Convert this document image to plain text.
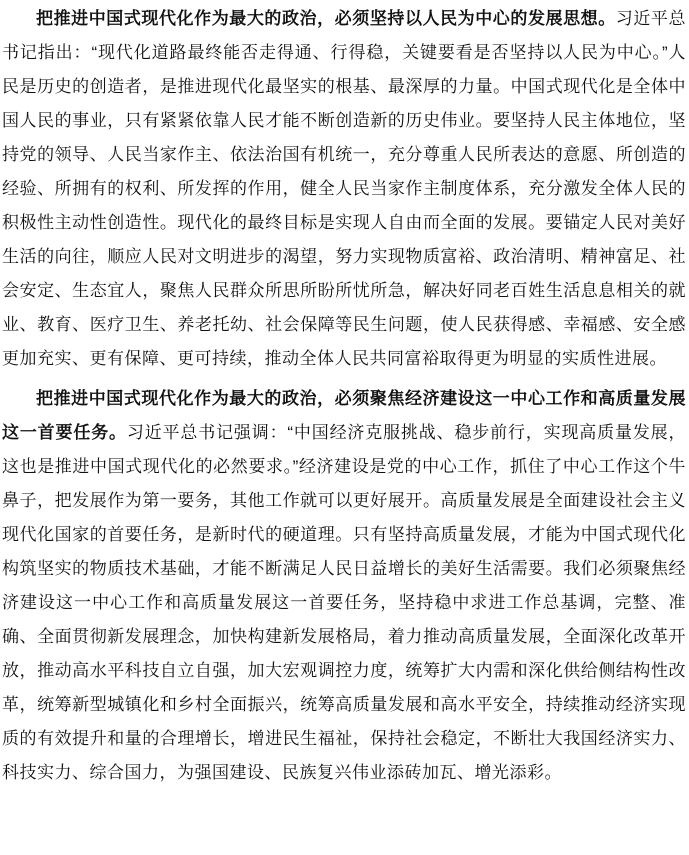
把推进中国式现代化作为最大的政治，必须坚持以人民为中心的发展思想。习近平总书记指出：“现代化道路最终能否走得通、行得稳，关键要看是否坚持以人民为中心。”人民是历史的创造者，是推进现代化最坚实的根基、最深厚的力量。中国式现代化是全体中国人民的事业，只有紧紧依靠人民才能不断创造新的历史伟业。要坚持人民主体地位，坚持党的领导、人民当家作主、依法治国有机统一，充分尊重人民所表达的意愿、所创造的经验、所拥有的权利、所发挥的作用，健全人民当家作主制度体系，充分激发全体人民的积极性主动性创造性。现代化的最终目标是实现人自由而全面的发展。要锚定人民对美好生活的向往，顺应人民对文明进步的渴望，努力实现物质富裕、政治清明、精神富足、社会安定、生态宜人，聚焦人民群众所思所盼所忧所急，解决好同老百姓生活息息相关的就业、教育、医疗卫生、养老托幼、社会保障等民生问题，使人民获得感、幸福感、安全感更加充实、更有保障、更可持续，推动全体人民共同富裕取得更为明显的实质性进展。

把推进中国式现代化作为最大的政治，必须聚焦经济建设这一中心工作和高质量发展这一首要任务。习近平总书记强调：“中国经济克服挑战、稳步前行，实现高质量发展，这也是推进中国式现代化的必然要求。”经济建设是党的中心工作，抓住了中心工作这个牛鼻子，把发展作为第一要务，其他工作就可以更好展开。高质量发展是全面建设社会主义现代化国家的首要任务，是新时代的硬道理。只有坚持高质量发展，才能为中国式现代化构筑坚实的物质技术基础，才能不断满足人民日益增长的美好生活需要。我们必须聚焦经济建设这一中心工作和高质量发展这一首要任务，坚持稳中求进工作总基调，完整、准确、全面贯彻新发展理念，加快构建新发展格局，着力推动高质量发展，全面深化改革开放，推动高水平科技自立自强，加大宏观调控力度，统筹扩大内需和深化供给侧结构性改革，统筹新型城镇化和乡村全面振兴，统筹高质量发展和高水平安全，持续推动经济实现质的有效提升和量的合理增长，增进民生福祉，保持社会稳定，不断壮大我国经济实力、科技实力、综合国力，为强国建设、民族复兴伟业添砖加瓦、增光添彩。
